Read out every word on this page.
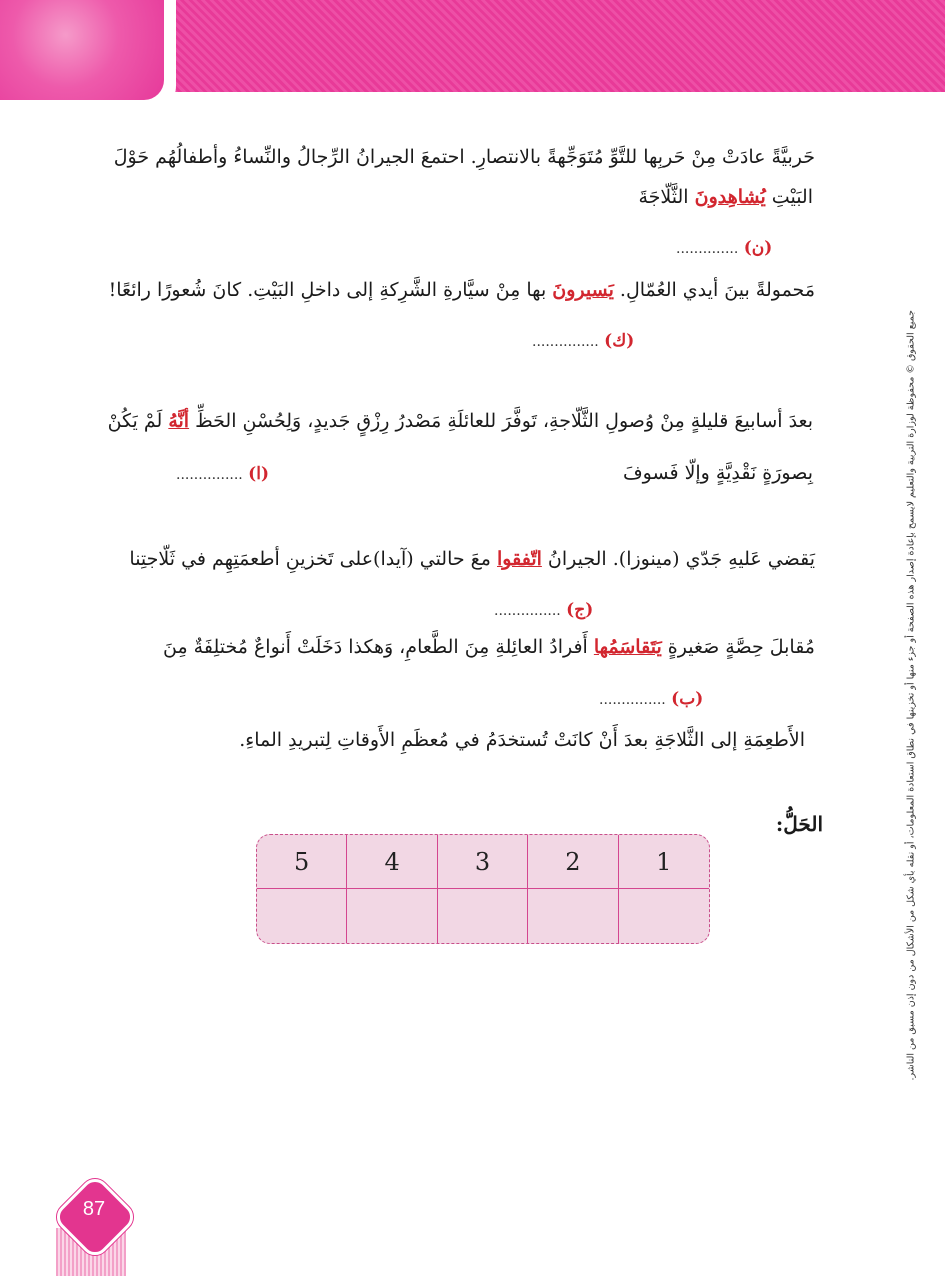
جميع الحقوق © محفوظة لوزارة التربية والتعليم لايسمح بإعادة إصدار هذه الصفحة أو جزء منها أو تخزينها في نطاق استعادة المعلومات، أو نقله بأي شكل من الأشكال من دون إذن مسبق من الناشر.
حَربيَّةً عادَتْ مِنْ حَربِها للتَّوِّ مُتَوَجِّهةً بالانتصارِ. احتمعَ الجيرانُ الرِّجالُ والنِّساءُ وأطفالُهُم حَوْلَ
البَيْتِ يُشاهِدونَ الثَّلّاجَةَ
(ن) ..............
مَحمولةً بينَ أيدي العُمّالِ. يَسيرونَ بها مِنْ سيَّارةِ الشَّرِكةِ إلى داخلِ البَيْتِ. كانَ شُعورًا رائعًا!
(ك) ...............
بعدَ أسابيعَ قليلةٍ مِنْ وُصولِ الثَّلّاجةِ، تَوفَّرَ للعائلَةِ مَصْدرُ رِزْقٍ جَديدٍ، وَلِحُسْنِ الحَظِّ أنَّهُ لَمْ يَكُنْ
بِصورَةٍ نَقْدِيَّةٍ وإلّا فَسوفَ
(ا) ...............
يَقضي عَليهِ جَدّي (مينوزا). الجيرانُ اتّفقوا معَ حالتي (آيدا)على تَخزينِ أطعمَتِهِم في ثَلّاجتِنا
(ج) ...............
مُقابلَ حِصَّةٍ صَغيرةٍ يَتَقاسَمُها أَفرادُ العائِلةِ مِنَ الطَّعامِ، وَهكذا دَخَلَتْ أَنواعٌ مُختلِفَةٌ مِنَ
(ب) ...............
الأَطعِمَةِ إلى الثَّلاجَةِ بعدَ أَنْ كانَتْ تُستخدَمُ في مُعظَمِ الأَوقاتِ لِتبريدِ الماءِ.
الحَلُّ:
5	4	3	2	1
87
